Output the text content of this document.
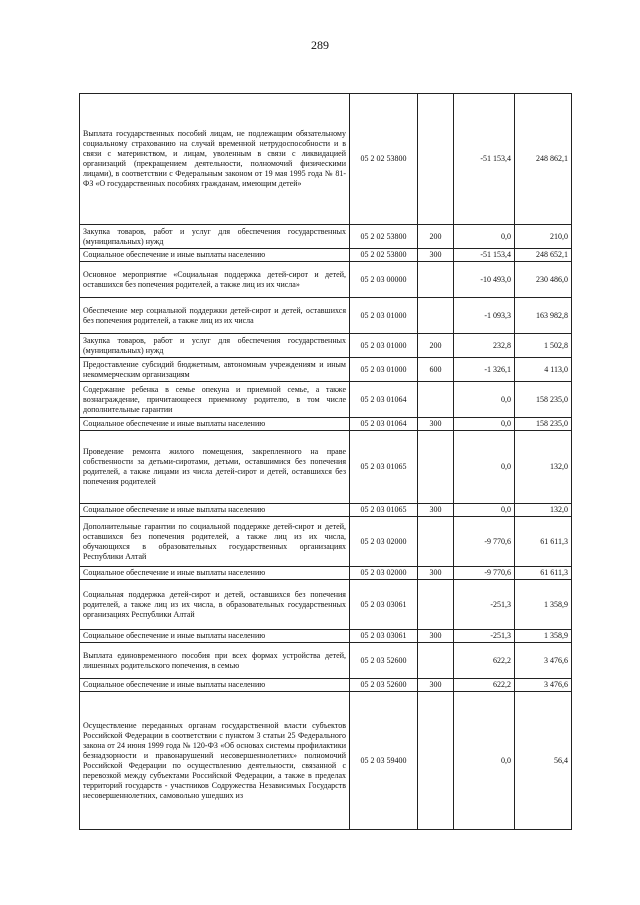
289
Выплата государственных пособий лицам, не подлежащим обязательному социальному страхованию на случай временной нетрудоспособности и в связи с материнством, и лицам, уволенным в связи с ликвидацией организаций (прекращением деятельности, полномочий физическими лицами), в соответствии с Федеральным законом от 19 мая 1995 года № 81-ФЗ «О государственных пособиях гражданам, имеющим детей»	05 2 02 53800		-51 153,4	248 862,1
Закупка товаров, работ и услуг для обеспечения государственных (муниципальных) нужд	05 2 02 53800	200	0,0	210,0
Социальное обеспечение и иные выплаты населению	05 2 02 53800	300	-51 153,4	248 652,1
Основное мероприятие «Социальная поддержка детей-сирот и детей, оставшихся без попечения родителей, а также лиц из их числа»	05 2 03 00000		-10 493,0	230 486,0
Обеспечение мер социальной поддержки детей-сирот и детей, оставшихся без попечения родителей, а также лиц из их числа	05 2 03 01000		-1 093,3	163 982,8
Закупка товаров, работ и услуг для обеспечения государственных (муниципальных) нужд	05 2 03 01000	200	232,8	1 502,8
Предоставление субсидий бюджетным, автономным учреждениям и иным некоммерческим организациям	05 2 03 01000	600	-1 326,1	4 113,0
Содержание ребенка в семье опекуна и приемной семье, а также вознаграждение, причитающееся приемному родителю, в том числе дополнительные гарантии	05 2 03 01064		0,0	158 235,0
Социальное обеспечение и иные выплаты населению	05 2 03 01064	300	0,0	158 235,0
Проведение ремонта жилого помещения, закрепленного на праве собственности за детьми-сиротами, детьми, оставшимися без попечения родителей, а также лицами из числа детей-сирот и детей, оставшихся без попечения родителей	05 2 03 01065		0,0	132,0
Социальное обеспечение и иные выплаты населению	05 2 03 01065	300	0,0	132,0
Дополнительные гарантии по социальной поддержке детей-сирот и детей, оставшихся без попечения родителей, а также лиц из их числа, обучающихся в образовательных государственных организациях Республики Алтай	05 2 03 02000		-9 770,6	61 611,3
Социальное обеспечение и иные выплаты населению	05 2 03 02000	300	-9 770,6	61 611,3
Социальная поддержка детей-сирот и детей, оставшихся без попечения родителей, а также лиц из их числа, в образовательных государственных организациях Республики Алтай	05 2 03 03061		-251,3	1 358,9
Социальное обеспечение и иные выплаты населению	05 2 03 03061	300	-251,3	1 358,9
Выплата единовременного пособия при всех формах устройства детей, лишенных родительского попечения, в семью	05 2 03 52600		622,2	3 476,6
Социальное обеспечение и иные выплаты населению	05 2 03 52600	300	622,2	3 476,6
Осуществление переданных органам государственной власти субъектов Российской Федерации в соответствии с пунктом 3 статьи 25 Федерального закона от 24 июня 1999 года № 120-ФЗ «Об основах системы профилактики безнадзорности и правонарушений несовершеннолетних» полномочий Российской Федерации по осуществлению деятельности, связанной с перевозкой между субъектами Российской Федерации, а также в пределах территорий государств - участников Содружества Независимых Государств несовершеннолетних, самовольно ушедших из	05 2 03 59400		0,0	56,4
